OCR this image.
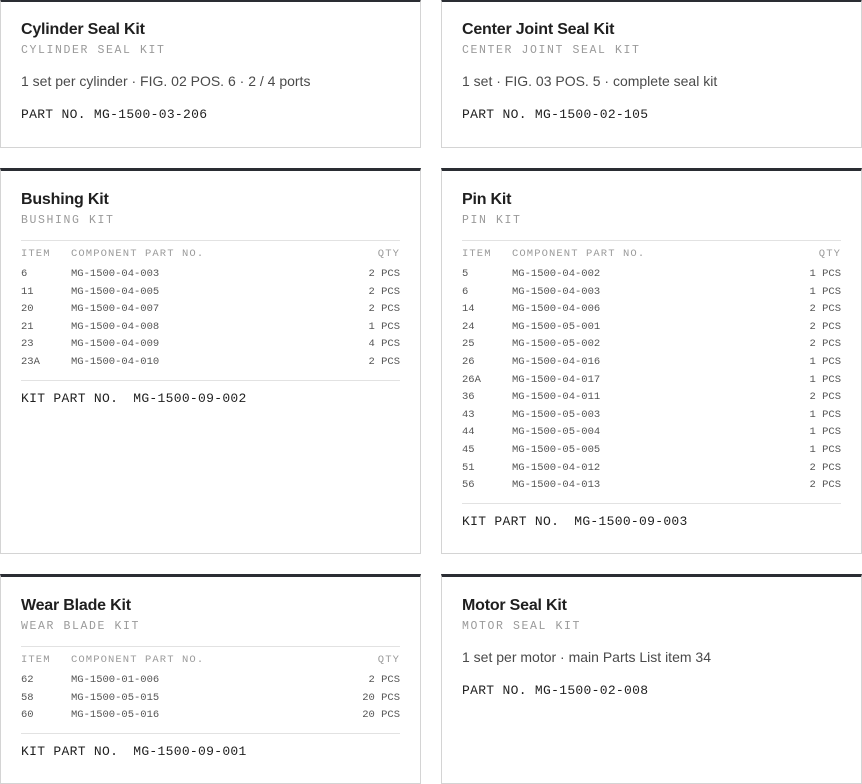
Cylinder Seal Kit
CYLINDER SEAL KIT
1 set per cylinder · FIG. 02 POS. 6 · 2 / 4 ports
PART NO. MG-1500-03-206
Center Joint Seal Kit
CENTER JOINT SEAL KIT
1 set · FIG. 03 POS. 5 · complete seal kit
PART NO. MG-1500-02-105
Bushing Kit
BUSHING KIT
ITEM	COMPONENT PART NO.	QTY
6	MG-1500-04-003	2 PCS
11	MG-1500-04-005	2 PCS
20	MG-1500-04-007	2 PCS
21	MG-1500-04-008	1 PCS
23	MG-1500-04-009	4 PCS
23A	MG-1500-04-010	2 PCS
KIT PART NO. MG-1500-09-002
Pin Kit
PIN KIT
ITEM	COMPONENT PART NO.	QTY
5	MG-1500-04-002	1 PCS
6	MG-1500-04-003	1 PCS
14	MG-1500-04-006	2 PCS
24	MG-1500-05-001	2 PCS
25	MG-1500-05-002	2 PCS
26	MG-1500-04-016	1 PCS
26A	MG-1500-04-017	1 PCS
36	MG-1500-04-011	2 PCS
43	MG-1500-05-003	1 PCS
44	MG-1500-05-004	1 PCS
45	MG-1500-05-005	1 PCS
51	MG-1500-04-012	2 PCS
56	MG-1500-04-013	2 PCS
KIT PART NO. MG-1500-09-003
Wear Blade Kit
WEAR BLADE KIT
ITEM	COMPONENT PART NO.	QTY
62	MG-1500-01-006	2 PCS
58	MG-1500-05-015	20 PCS
60	MG-1500-05-016	20 PCS
KIT PART NO. MG-1500-09-001
Motor Seal Kit
MOTOR SEAL KIT
1 set per motor · main Parts List item 34
PART NO. MG-1500-02-008
